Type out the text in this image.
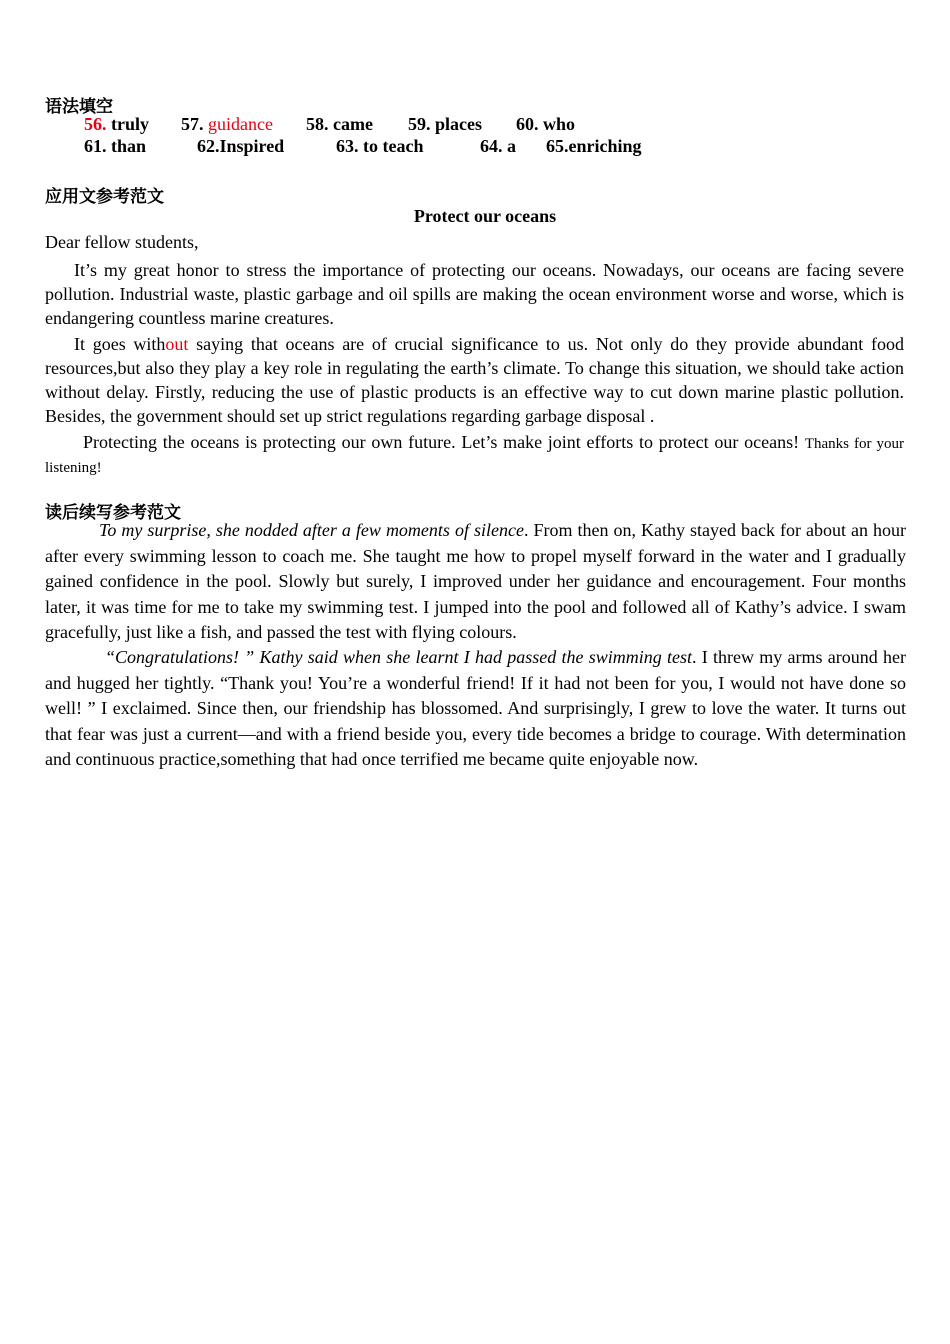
语法填空
56. truly 57. guidance 58. came 59. places 60. who
61. than	62.Inspired	63. to teach	64. a 65.enriching
应用文参考范文
Protect our oceans
Dear fellow students,
It’s my great honor to stress the importance of protecting our oceans. Nowadays, our oceans are facing severe pollution. Industrial waste, plastic garbage and oil spills are making the ocean environment worse and worse, which is endangering countless marine creatures.
It goes without saying that oceans are of crucial significance to us. Not only do they provide abundant food resources,but also they play a key role in regulating the earth’s climate. To change this situation, we should take action without delay. Firstly, reducing the use of plastic products is an effective way to cut down marine plastic pollution. Besides, the government should set up strict regulations regarding garbage disposal .
Protecting the oceans is protecting our own future. Let’s make joint efforts to protect our oceans! Thanks for your listening!
读后续写参考范文
To my surprise, she nodded after a few moments of silence. From then on, Kathy stayed back for about an hour after every swimming lesson to coach me. She taught me how to propel myself forward in the water and I gradually gained confidence in the pool. Slowly but surely, I improved under her guidance and encouragement. Four months later, it was time for me to take my swimming test. I jumped into the pool and followed all of Kathy’s advice. I swam gracefully, just like a fish, and passed the test with flying colours.
“Congratulations! ” Kathy said when she learnt I had passed the swimming test. I threw my arms around her and hugged her tightly. “Thank you! You’re a wonderful friend! If it had not been for you, I would not have done so well! ” I exclaimed. Since then, our friendship has blossomed. And surprisingly, I grew to love the water. It turns out that fear was just a current—and with a friend beside you, every tide becomes a bridge to courage. With determination and continuous practice,something that had once terrified me became quite enjoyable now.
